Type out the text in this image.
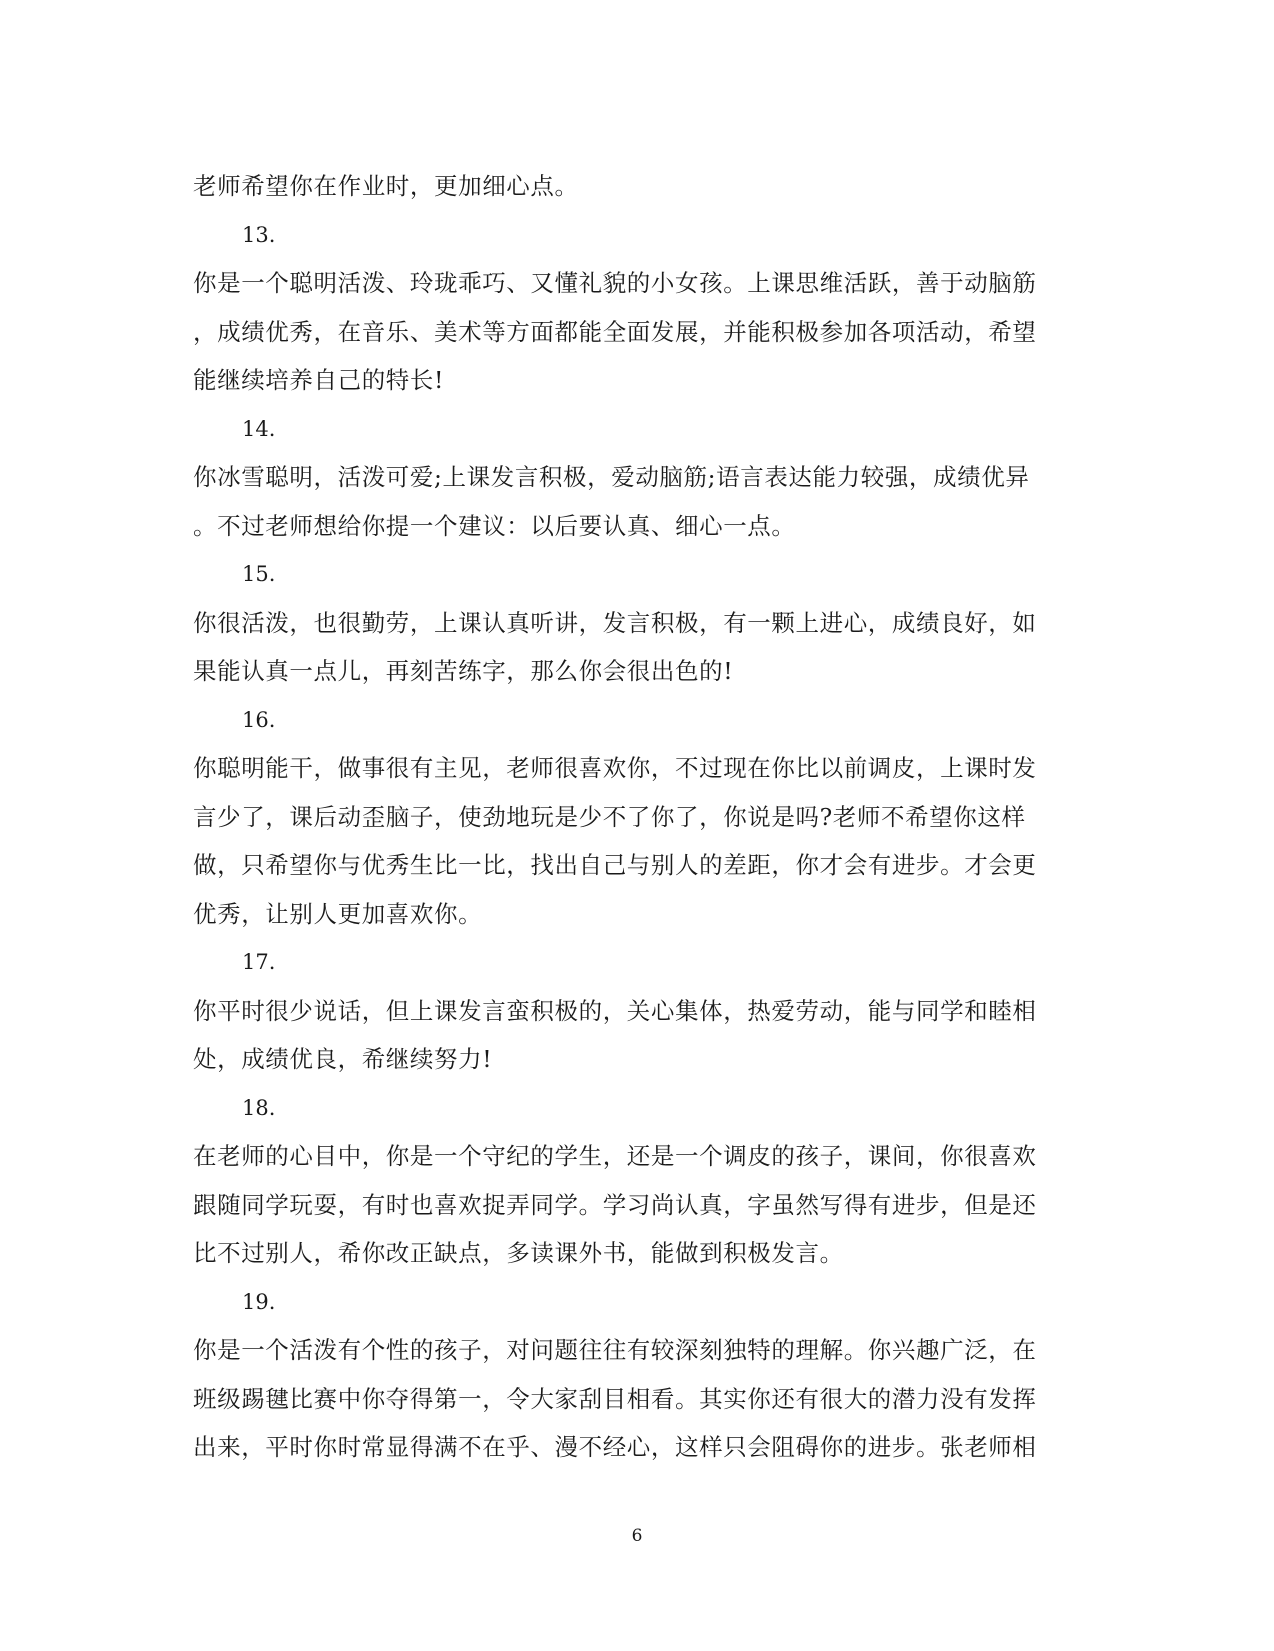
老师希望你在作业时，更加细心点。
13.
你是一个聪明活泼、玲珑乖巧、又懂礼貌的小女孩。上课思维活跃，善于动脑筋
，成绩优秀，在音乐、美术等方面都能全面发展，并能积极参加各项活动，希望
能继续培养自己的特长!
14.
你冰雪聪明，活泼可爱;上课发言积极，爱动脑筋;语言表达能力较强，成绩优异
。不过老师想给你提一个建议：以后要认真、细心一点。
15.
你很活泼，也很勤劳，上课认真听讲，发言积极，有一颗上进心，成绩良好，如
果能认真一点儿，再刻苦练字，那么你会很出色的!
16.
你聪明能干，做事很有主见，老师很喜欢你，不过现在你比以前调皮，上课时发
言少了，课后动歪脑子，使劲地玩是少不了你了，你说是吗?老师不希望你这样
做，只希望你与优秀生比一比，找出自己与别人的差距，你才会有进步。才会更
优秀，让别人更加喜欢你。
17.
你平时很少说话，但上课发言蛮积极的，关心集体，热爱劳动，能与同学和睦相
处，成绩优良，希继续努力!
18.
在老师的心目中，你是一个守纪的学生，还是一个调皮的孩子，课间，你很喜欢
跟随同学玩耍，有时也喜欢捉弄同学。学习尚认真，字虽然写得有进步，但是还
比不过别人，希你改正缺点，多读课外书，能做到积极发言。
19.
你是一个活泼有个性的孩子，对问题往往有较深刻独特的理解。你兴趣广泛，在
班级踢毽比赛中你夺得第一，令大家刮目相看。其实你还有很大的潜力没有发挥
出来，平时你时常显得满不在乎、漫不经心，这样只会阻碍你的进步。张老师相
6
